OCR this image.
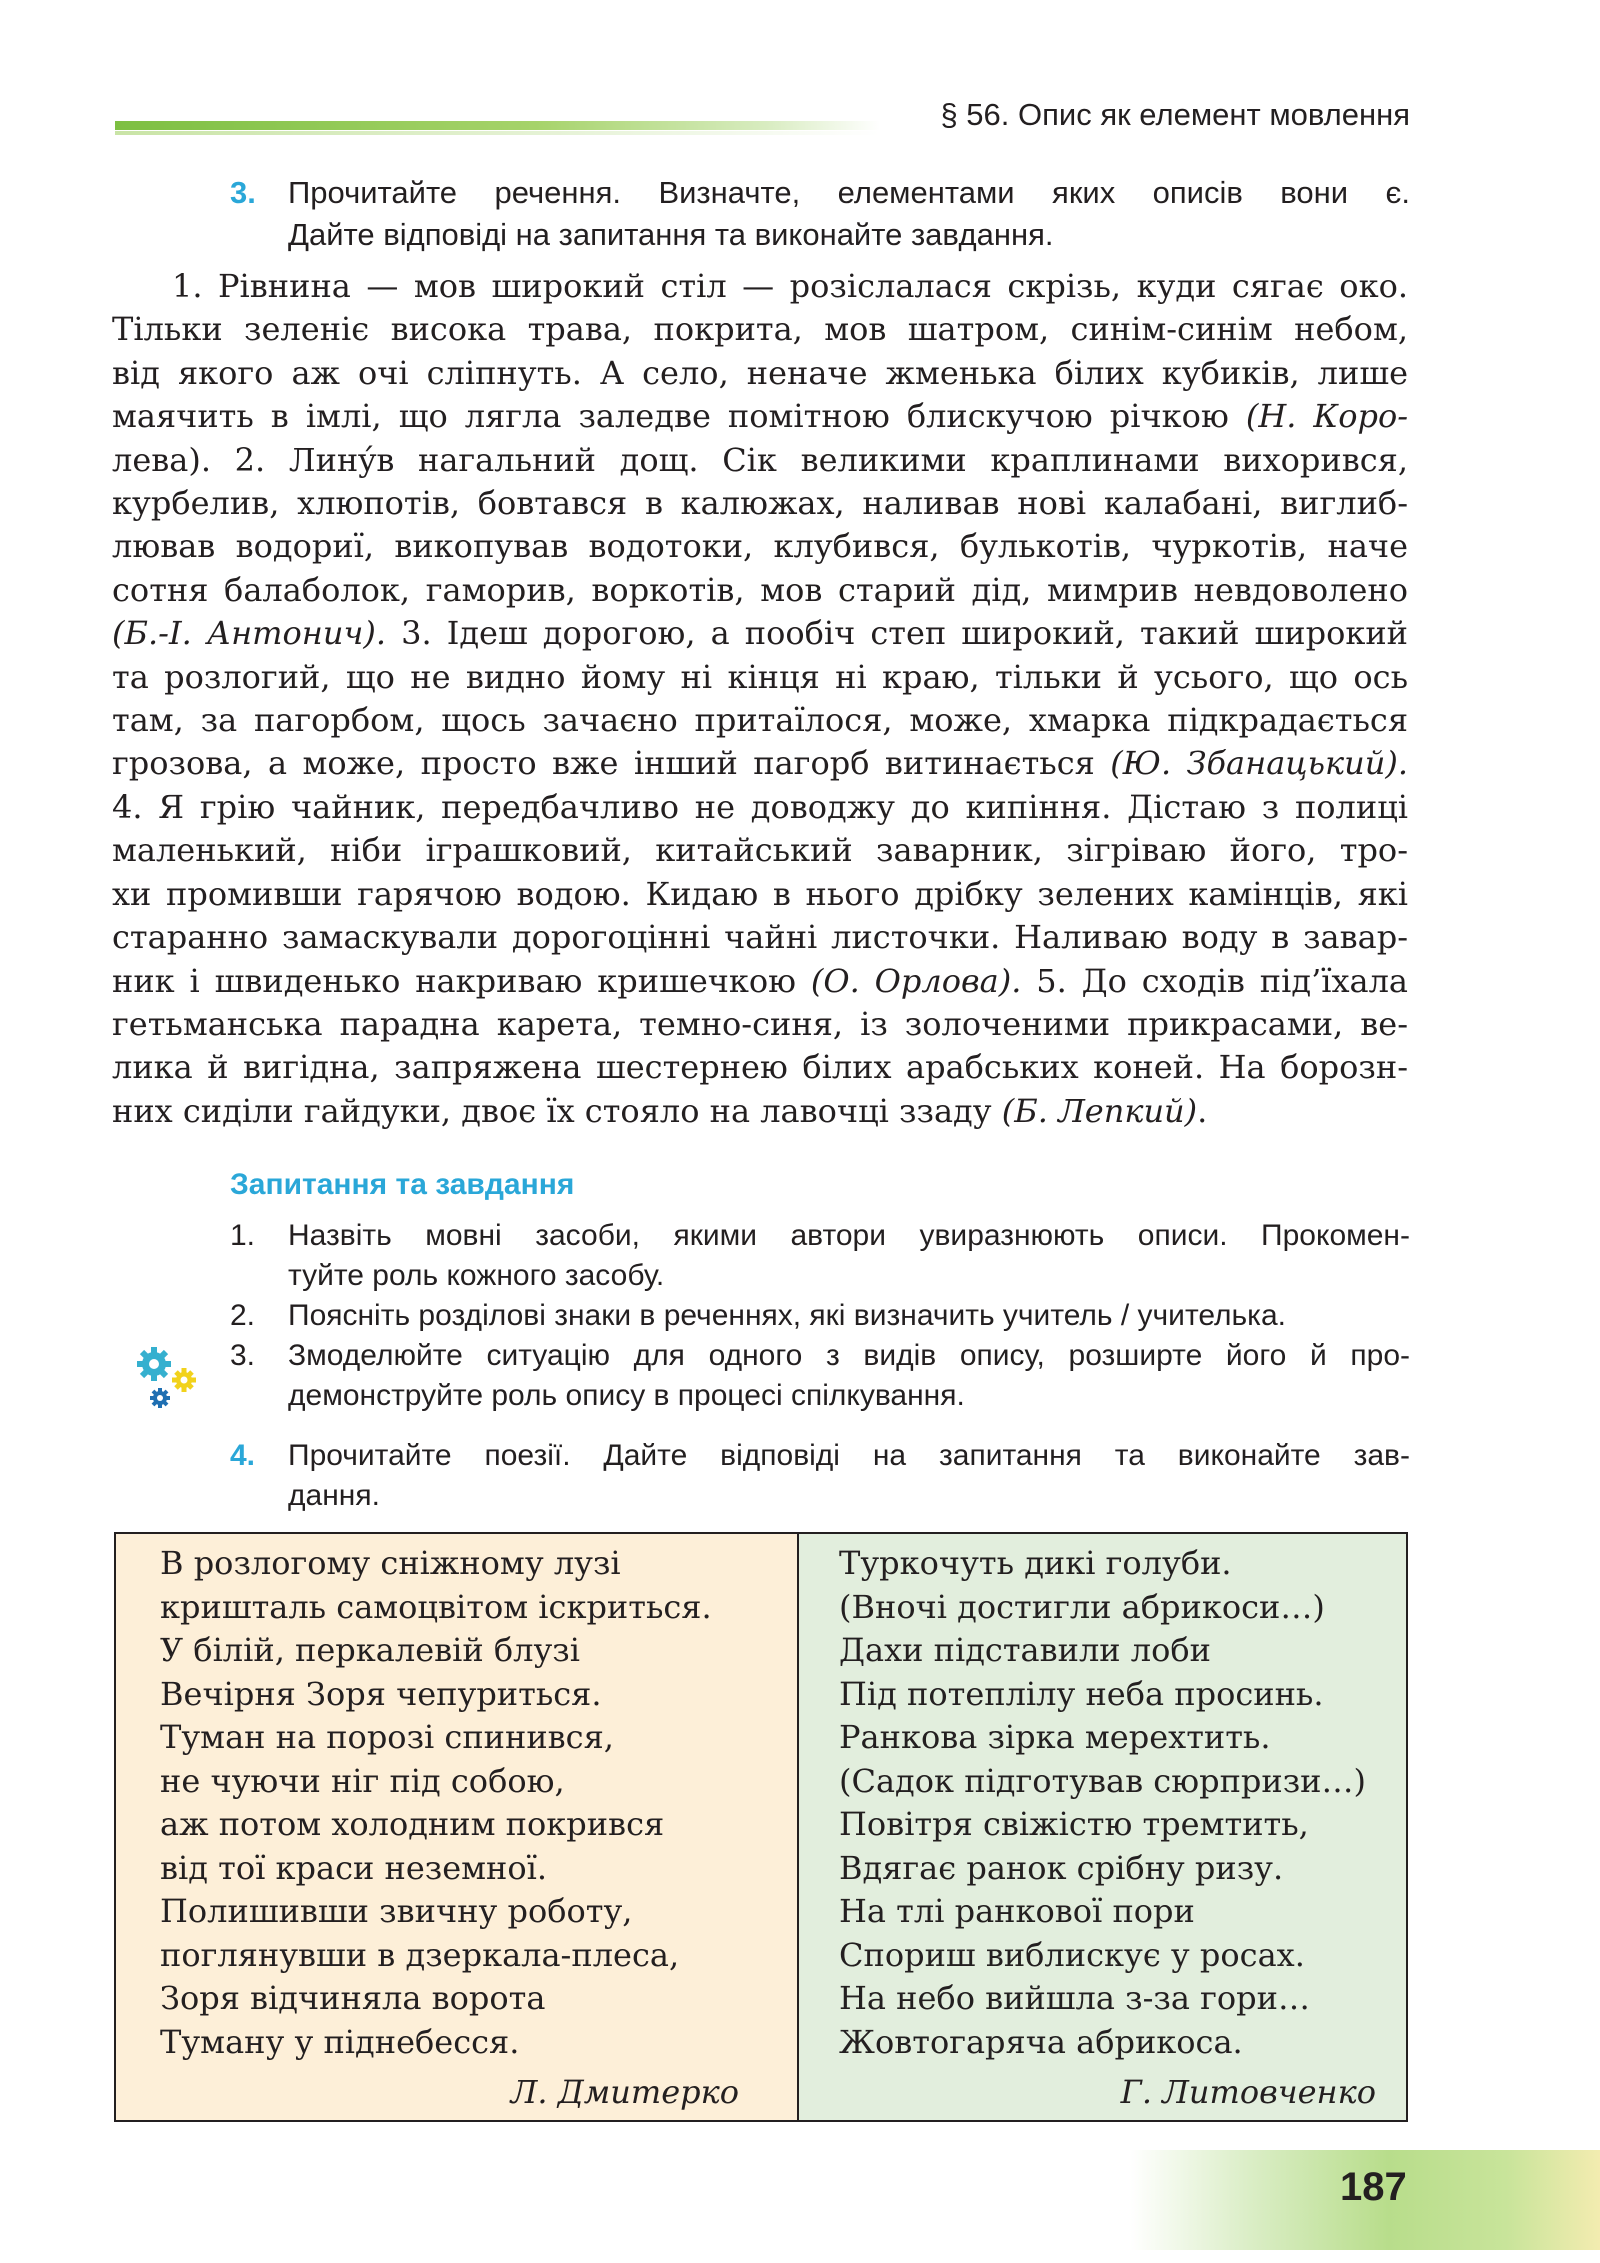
§ 56. Опис як елемент мовлення
3. Прочитайте речення. Визначте, елементами яких описів вони є.
Дайте відповіді на запитання та виконайте завдання.
1. Рівнина — мов широкий стіл — розіслалася скрізь, куди сягає око.
Тільки зеленіє висока трава, покрита, мов шатром, синім-синім небом,
від якого аж очі сліпнуть. А село, неначе жменька білих кубиків, лише
маячить в імлі, що лягла заледве помітною блискучою річкою (Н. Коро-
лева). 2. Линýв нагальний дощ. Сік великими краплинами вихорився,
курбелив, хлюпотів, бовтався в калюжах, наливав нові калабані, виглиб-
лював водориї, викопував водотоки, клубився, булькотів, чуркотів, наче
сотня балаболок, гаморив, воркотів, мов старий дід, мимрив невдоволено
(Б.-І. Антонич). 3. Ідеш дорогою, а пообіч степ широкий, такий широкий
та розлогий, що не видно йому ні кінця ні краю, тільки й усього, що ось
там, за пагорбом, щось зачаєно притаїлося, може, хмарка підкрадається
грозова, а може, просто вже інший пагорб витинається (Ю. Збанацький).
4. Я грію чайник, передбачливо не доводжу до кипіння. Дістаю з полиці
маленький, ніби іграшковий, китайський заварник, зігріваю його, тро-
хи промивши гарячою водою. Кидаю в нього дрібку зелених камінців, які
старанно замаскували дорогоцінні чайні листочки. Наливаю воду в завар-
ник і швиденько накриваю кришечкою (О. Орлова). 5. До сходів під’їхала
гетьманська парадна карета, темно-синя, із золоченими прикрасами, ве-
лика й вигідна, запряжена шестернею білих арабських коней. На борозн-
них сиділи гайдуки, двоє їх стояло на лавочці ззаду (Б. Лепкий).
Запитання та завдання
1. Назвіть мовні засоби, якими автори увиразнюють описи. Прокомен-
туйте роль кожного засобу.
2. Поясніть розділові знаки в реченнях, які визначить учитель / учителька.
3. Змоделюйте ситуацію для одного з видів опису, розширте його й про-
демонструйте роль опису в процесі спілкування.
4. Прочитайте поезії. Дайте відповіді на запитання та виконайте зав-
дання.
В розлогому сніжному лузі
кришталь самоцвітом іскриться.
У білій, перкалевій блузі
Вечірня Зоря чепуриться.
Туман на порозі спинився,
не чуючи ніг під собою,
аж потом холодним покрився
від тої краси неземної.
Полишивши звичну роботу,
поглянувши в дзеркала-плеса,
Зоря відчиняла ворота
Туману у піднебесся.
Л. Дмитерко
Туркочуть дикі голуби.
(Вночі достигли абрикоси…)
Дахи підставили лоби
Під потеплілу неба просинь.
Ранкова зірка мерехтить.
(Садок підготував сюрпризи…)
Повітря свіжістю тремтить,
Вдягає ранок срібну ризу.
На тлі ранкової пори
Спориш виблискує у росах.
На небо вийшла з-за гори…
Жовтогаряча абрикоса.
Г. Литовченко
187
